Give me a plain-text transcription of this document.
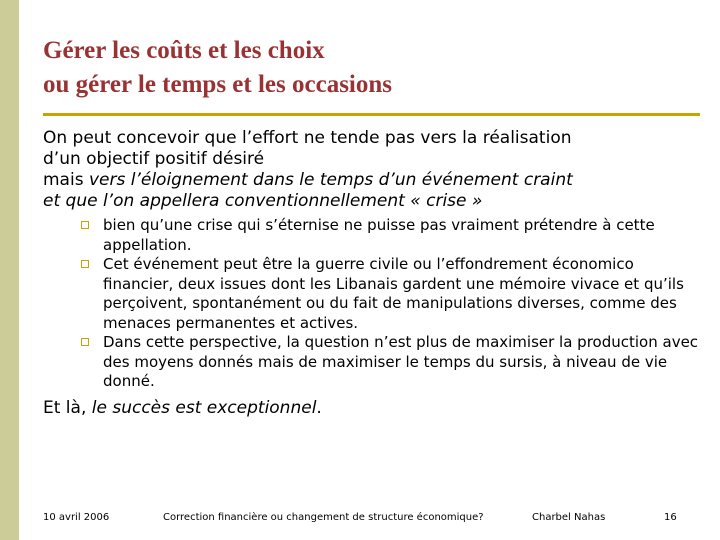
Gérer les coûts et les choix
ou gérer le temps et les occasions
On peut concevoir que l’effort ne tende pas vers la réalisation
d’un objectif positif désiré
mais vers l’éloignement dans le temps d’un événement craint
et que l’on appellera conventionnellement « crise »
bien qu’une crise qui s’éternise ne puisse pas vraiment prétendre à cette appellation.
Cet événement peut être la guerre civile ou l’effondrement économico financier, deux issues dont les Libanais gardent une mémoire vivace et qu’ils perçoivent, spontanément ou du fait de manipulations diverses, comme des menaces permanentes et actives.
Dans cette perspective, la question n’est plus de maximiser la production avec des moyens donnés mais de maximiser le temps du sursis, à niveau de vie donné.
Et là, le succès est exceptionnel.
10 avril 2006	Correction financière ou changement de structure économique?	Charbel Nahas	16
